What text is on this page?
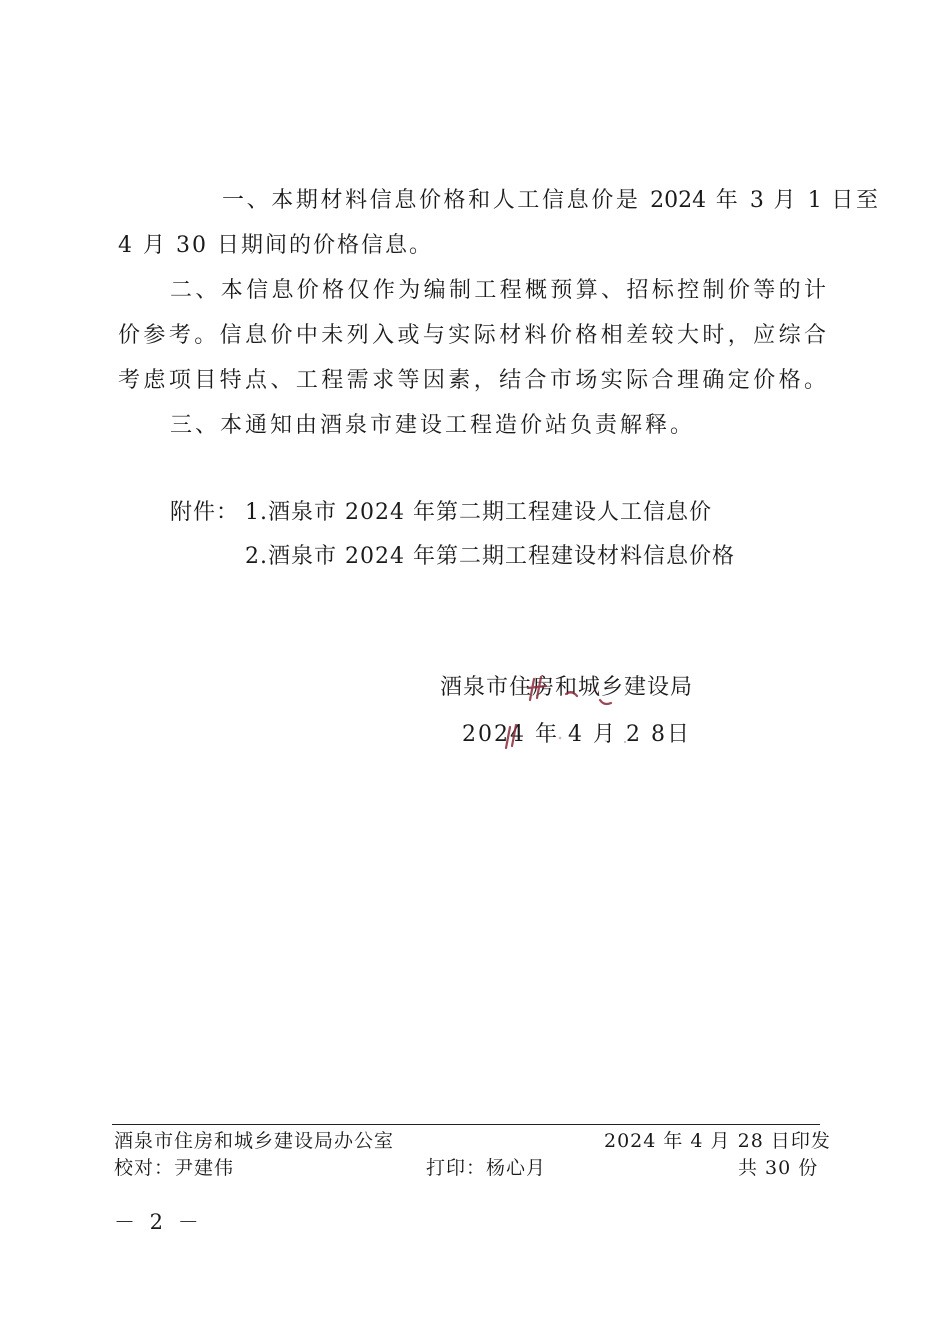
一、本期材料信息价格和人工信息价是 2024 年 3 月 1 日至
4 月 30 日期间的价格信息。
二、本信息价格仅作为编制工程概预算、招标控制价等的计
价参考。信息价中未列入或与实际材料价格相差较大时，应综合
考虑项目特点、工程需求等因素，结合市场实际合理确定价格。
三、本通知由酒泉市建设工程造价站负责解释。
附件： 1.酒泉市 2024 年第二期工程建设人工信息价
2.酒泉市 2024 年第二期工程建设材料信息价格
酒泉市住房和城乡建设局
2024 年 4 月 2 8日
酒泉市住房和城乡建设局办公室	2024 年 4 月 28 日印发
校对：尹建伟	打印：杨心月	共 30 份
－ 2 －
